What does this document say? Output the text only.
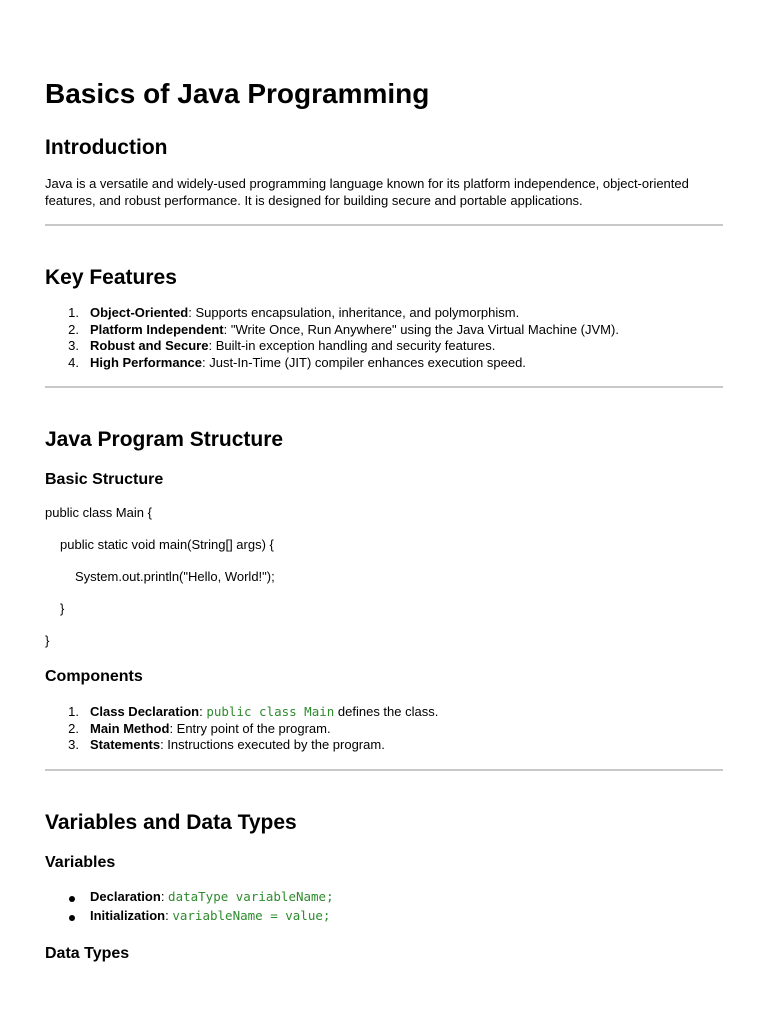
Basics of Java Programming
Introduction

Java is a versatile and widely-used programming language known for its platform independence, object-oriented features, and robust performance. It is designed for building secure and portable applications.

Key Features
1. Object-Oriented: Supports encapsulation, inheritance, and polymorphism.
2. Platform Independent: "Write Once, Run Anywhere" using the Java Virtual Machine (JVM).
3. Robust and Secure: Built-in exception handling and security features.
4. High Performance: Just-In-Time (JIT) compiler enhances execution speed.
Java Program Structure
Basic Structure
public class Main {
public static void main(String[] args) {
System.out.println("Hello, World!");
}
}
Components
1. Class Declaration: public class Main defines the class.
2. Main Method: Entry point of the program.
3. Statements: Instructions executed by the program.
Variables and Data Types
Variables
Declaration: dataType variableName;
Initialization: variableName = value;
Data Types
